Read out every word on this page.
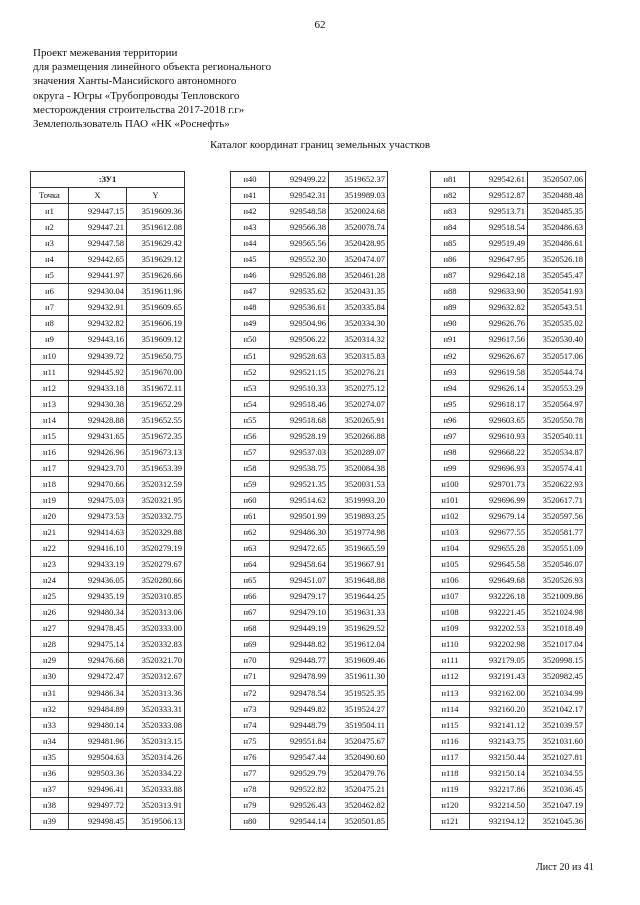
62
Проект межевания территории
для размещения линейного объекта регионального
значения Ханты-Мансийского автономного
округа - Югры «Трубопроводы Тепловского
месторождения строительства 2017-2018 г.г»
Землепользователь ПАО «НК «Роснефть»
Каталог координат границ земельных участков
:ЗУ1		
Точка	X	Y
н1	929447.15	3519609.36
н2	929447.21	3519612.08
н3	929447.58	3519629.42
н4	929442.65	3519629.12
н5	929441.97	3519626.66
н6	929430.04	3519611.96
н7	929432.91	3519609.65
н8	929432.82	3519606.19
н9	929443.16	3519609.12
н10	929439.72	3519650.75
н11	929445.92	3519670.00
н12	929433.18	3519672.11
н13	929430.38	3519652.29
н14	929428.88	3519652.55
н15	929431.65	3519672.35
н16	929426.96	3519673.13
н17	929423.70	3519653.39
н18	929470.66	3520312.59
н19	929475.03	3520321.95
н20	929473.53	3520332.75
н21	929414.63	3520329.88
н22	929416.10	3520279.19
н23	929433.19	3520279.67
н24	929436.05	3520280.66
н25	929435.19	3520310.85
н26	929480.34	3520313.06
н27	929478.45	3520333.00
н28	929475.14	3520332.83
н29	929476.68	3520321.70
н30	929472.47	3520312.67
н31	929486.34	3520313.36
н32	929484.89	3520333.31
н33	929480.14	3520333.08
н34	929481.96	3520313.15
н35	929504.63	3520314.26
н36	929503.36	3520334.22
н37	929496.41	3520333.88
н38	929497.72	3520313.91
н39	929498.45	3519506.13
н40	929499.22	3519652.37
н41	929542.31	3519989.03
н42	929548.58	3520024.68
н43	929566.38	3520078.74
н44	929565.56	3520428.95
н45	929552.30	3520474.07
н46	929526.88	3520461.28
н47	929535.62	3520431.35
н48	929536.61	3520335.84
н49	929504.96	3520334.30
н50	929506.22	3520314.32
н51	929528.63	3520315.83
н52	929521.15	3520276.21
н53	929510.33	3520275.12
н54	929518.46	3520274.07
н55	929518.68	3520265.91
н56	929528.19	3520266.88
н57	929537.03	3520289.07
н58	929538.75	3520084.38
н59	929521.35	3520031.53
н60	929514.62	3519993.20
н61	929501.99	3519893.25
н62	929486.30	3519774.98
н63	929472.65	3519665.59
н64	929458.64	3519667.91
н65	929451.07	3519648.88
н66	929479.17	3519644.25
н67	929479.10	3519631.33
н68	929449.19	3519629.52
н69	929448.82	3519612.04
н70	929448.77	3519609.46
н71	929478.99	3519611.30
н72	929478.54	3519525.35
н73	929449.82	3519524.27
н74	929448.79	3519504.11
н75	929551.84	3520475.67
н76	929547.44	3520490.60
н77	929529.79	3520479.76
н78	929522.82	3520475.21
н79	929526.43	3520462.82
н80	929544.14	3520501.85
н81	929542.61	3520507.06
н82	929512.87	3520488.48
н83	929513.71	3520485.35
н84	929518.54	3520486.63
н85	929519.49	3520486.61
н86	929647.95	3520526.18
н87	929642.18	3520545.47
н88	929633.90	3520541.93
н89	929632.82	3520543.51
н90	929626.76	3520535.02
н91	929617.56	3520530.40
н92	929626.67	3520517.06
н93	929619.58	3520544.74
н94	929626.14	3520553.29
н95	929618.17	3520564.97
н96	929603.65	3520550.78
н97	929610.93	3520540.11
н98	929668.22	3520534.87
н99	929696.93	3520574.41
н100	929701.73	3520622.93
н101	929696.99	3520617.71
н102	929679.14	3520597.56
н103	929677.55	3520581.77
н104	929655.28	3520551.09
н105	929645.58	3520546.07
н106	929649.68	3520526.93
н107	932226.18	3521009.86
н108	932221.45	3521024.98
н109	932202.53	3521018.49
н110	932202.98	3521017.04
н111	932179.05	3520998.15
н112	932191.43	3520982.45
н113	932162.00	3521034.99
н114	932160.20	3521042.17
н115	932141.12	3521039.57
н116	932143.75	3521031.60
н117	932150.44	3521027.81
н118	932150.14	3521034.55
н119	932217.86	3521036.45
н120	932214.50	3521047.19
н121	932194.12	3521045.36
Лист 20 из 41
